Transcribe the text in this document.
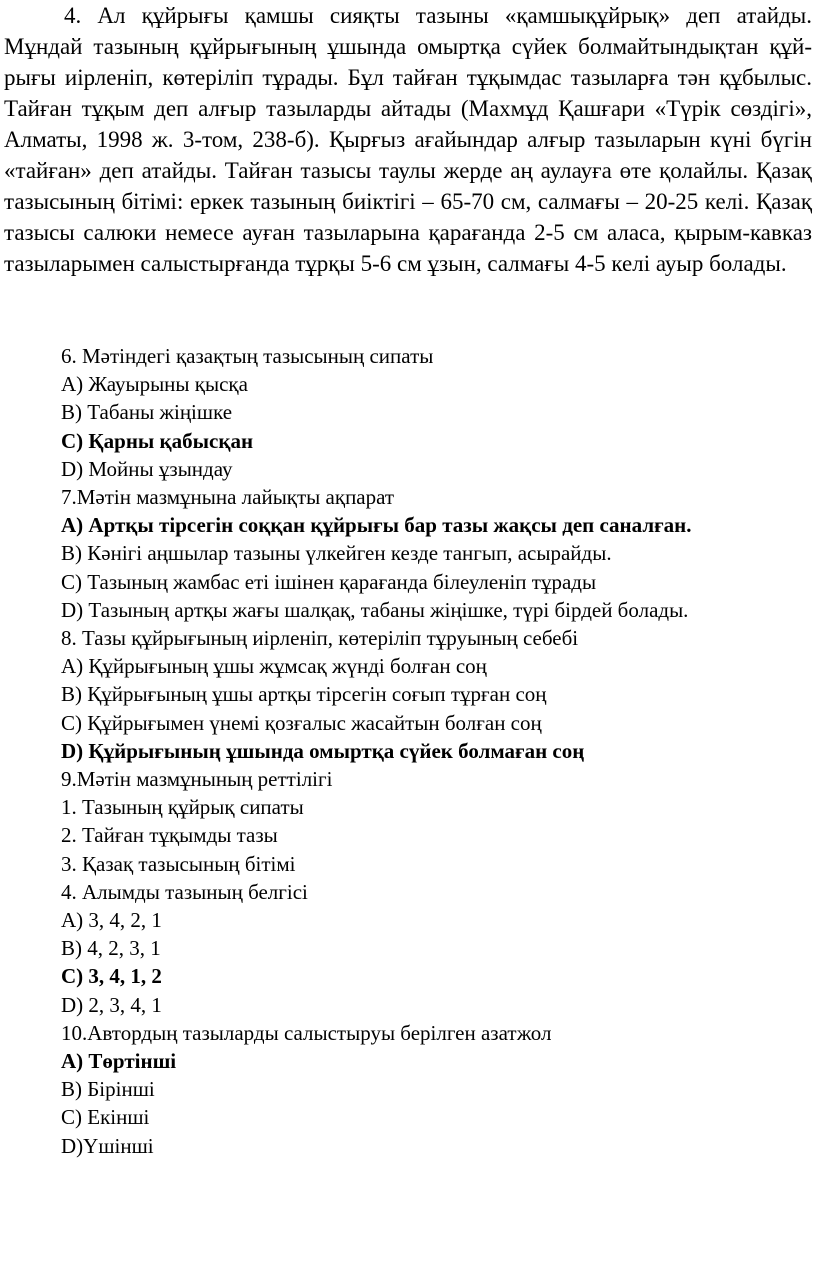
4. Ал құйрығы қамшы сияқты тазыны «қамшықұйрық» деп атайды. Мұндай тазының құйрығының ұшында омыртқа сүйек болмайтындықтан құй-рығы иірленіп, көтеріліп тұрады. Бұл тайған тұқымдас тазыларға тән құбылыс. Тайған тұқым деп алғыр тазыларды айтады (Махмұд Қашғари «Түрік сөздігі», Алматы, 1998 ж. 3-том, 238-б). Қырғыз ағайындар алғыр тазыларын күні бүгін «тайған» деп атайды. Тайған тазысы таулы жерде аң аулауға өте қолайлы. Қазақ тазысының бітімі: еркек тазының биіктігі – 65-70 см, салмағы – 20-25 келі. Қазақ тазысы салюки немесе ауған тазыларына қарағанда 2-5 см аласа, қырым-кавказ тазыларымен салыстырғанда тұрқы 5-6 см ұзын, салмағы 4-5 келі ауыр болады.

6. Мәтіндегі қазақтың тазысының сипаты
A) Жауырыны қысқа
B) Табаны жіңішке
C) Қарны қабысқан
D) Мойны ұзындау
7.Мәтін мазмұнына лайықты ақпарат
A) Артқы тірсегін соққан құйрығы бар тазы жақсы деп саналған.
B) Кәнігі аңшылар тазыны үлкейген кезде тангып, асырайды.
C) Тазының жамбас еті ішінен қарағанда білеуленіп тұрады
D) Тазының артқы жағы шалқақ, табаны жіңішке, түрі бірдей болады.
8. Тазы құйрығының иірленіп, көтеріліп тұруының себебі
A) Құйрығының ұшы жұмсақ жүнді болған соң
B) Құйрығының ұшы артқы тірсегін соғып тұрған соң
C) Құйрығымен үнемі қозғалыс жасайтын болған соң
D) Құйрығының ұшында омыртқа сүйек болмаған соң
9.Мәтін мазмұнының реттілігі
1. Тазының құйрық сипаты
2. Тайған тұқымды тазы
3. Қазақ тазысының бітімі
4. Алымды тазының белгісі
A) 3, 4, 2, 1
B) 4, 2, 3, 1
C) 3, 4, 1, 2
D) 2, 3, 4, 1
10.Автордың тазыларды салыстыруы берілген азатжол
A) Төртінші
B) Бірінші
C) Екінші
D)Үшінші
